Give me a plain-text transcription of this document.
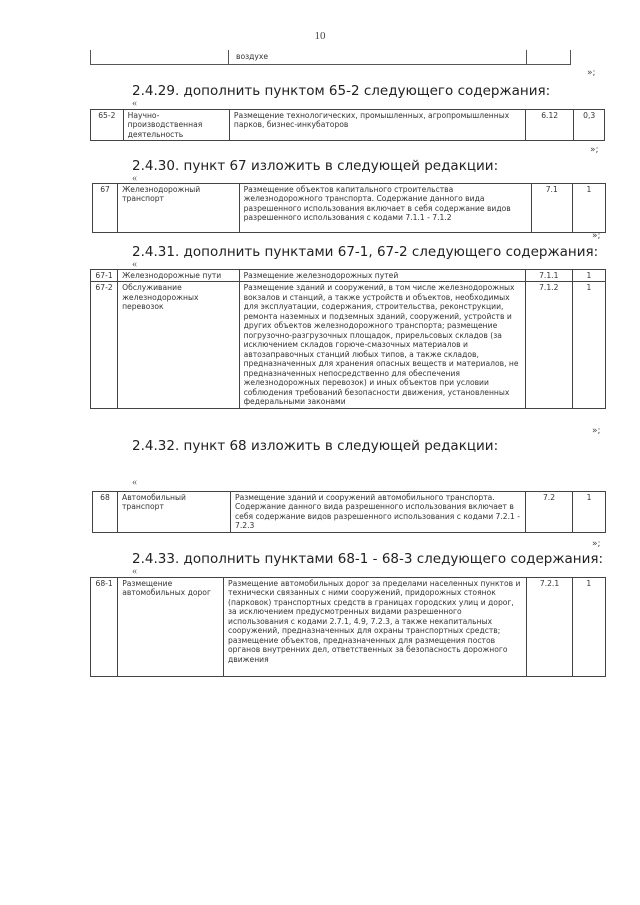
10
воздухе
»;
2.4.29. дополнить пунктом 65-2 следующего содержания:
«
65-2	Научно-производственная деятельность	Размещение технологических, промышленных, агропромышленных парков, бизнес-инкубаторов	6.12	0,3
»;
2.4.30. пункт 67 изложить в следующей редакции:
«
67	Железнодорожный транспорт	Размещение объектов капитального строительства железнодорожного транспорта. Содержание данного вида разрешенного использования включает в себя содержание видов разрешенного использования с кодами 7.1.1 - 7.1.2	7.1	1
»;
2.4.31. дополнить пунктами 67-1, 67-2 следующего содержания:
«
67-1	Железнодорожные пути	Размещение железнодорожных путей	7.1.1	1
67-2	Обслуживание железнодорожных перевозок	Размещение зданий и сооружений, в том числе железнодорожных вокзалов и станций, а также устройств и объектов, необходимых для эксплуатации, содержания, строительства, реконструкции, ремонта наземных и подземных зданий, сооружений, устройств и других объектов железнодорожного транспорта; размещение погрузочно-разгрузочных площадок, прирельсовых складов (за исключением складов горюче-смазочных материалов и автозаправочных станций любых типов, а также складов, предназначенных для хранения опасных веществ и материалов, не предназначенных непосредственно для обеспечения железнодорожных перевозок) и иных объектов при условии соблюдения требований безопасности движения, установленных федеральными законами	7.1.2	1
»;
2.4.32. пункт 68 изложить в следующей редакции:
«
68	Автомобильный транспорт	Размещение зданий и сооружений автомобильного транспорта. Содержание данного вида разрешенного использования включает в себя содержание видов разрешенного использования с кодами 7.2.1 - 7.2.3	7.2	1
»;
2.4.33. дополнить пунктами 68-1 - 68-3 следующего содержания:
«
68-1	Размещение автомобильных дорог	Размещение автомобильных дорог за пределами населенных пунктов и технически связанных с ними сооружений, придорожных стоянок (парковок) транспортных средств в границах городских улиц и дорог, за исключением предусмотренных видами разрешенного использования с кодами 2.7.1, 4.9, 7.2.3, а также некапитальных сооружений, предназначенных для охраны транспортных средств; размещение объектов, предназначенных для размещения постов органов внутренних дел, ответственных за безопасность дорожного движения	7.2.1	1
